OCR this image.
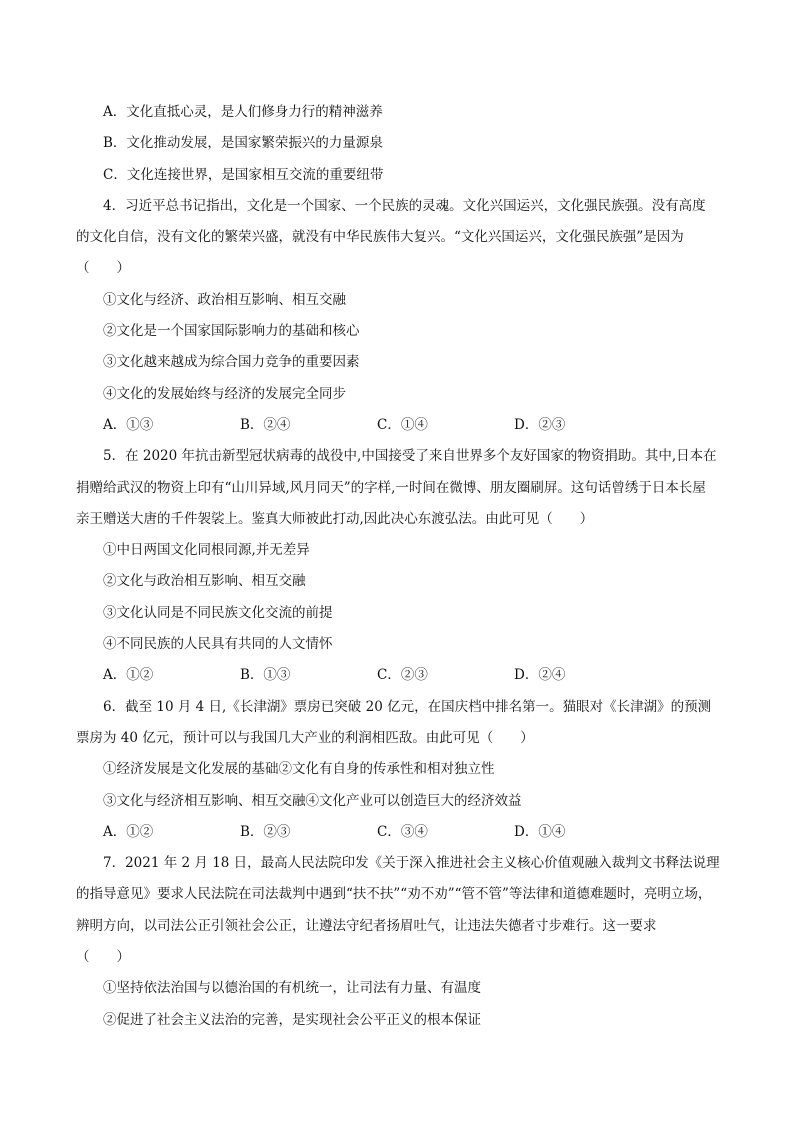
A．文化直抵心灵，是人们修身力行的精神滋养
B．文化推动发展，是国家繁荣振兴的力量源泉
C．文化连接世界，是国家相互交流的重要纽带
4．习近平总书记指出，文化是一个国家、一个民族的灵魂。文化兴国运兴，文化强民族强。没有高度
的文化自信，没有文化的繁荣兴盛，就没有中华民族伟大复兴。“文化兴国运兴，文化强民族强”是因为
（　　）
①文化与经济、政治相互影响、相互交融
②文化是一个国家国际影响力的基础和核心
③文化越来越成为综合国力竞争的重要因素
④文化的发展始终与经济的发展完全同步
A．①③	B．②④	C．①④	D．②③
5．在 2020 年抗击新型冠状病毒的战役中,中国接受了来自世界多个友好国家的物资捐助。其中,日本在
捐赠给武汉的物资上印有“山川异域,风月同天”的字样,一时间在微博、朋友圈刷屏。这句话曾绣于日本长屋
亲王赠送大唐的千件袈裟上。鉴真大师被此打动,因此决心东渡弘法。由此可见（　　）
①中日两国文化同根同源,并无差异
②文化与政治相互影响、相互交融
③文化认同是不同民族文化交流的前提
④不同民族的人民具有共同的人文情怀
A．①②	B．①③	C．②③	D．②④
6．截至 10 月 4 日,《长津湖》票房已突破 20 亿元，在国庆档中排名第一。猫眼对《长津湖》的预测
票房为 40 亿元，预计可以与我国几大产业的利润相匹敌。由此可见（　　）
①经济发展是文化发展的基础②文化有自身的传承性和相对独立性
③文化与经济相互影响、相互交融④文化产业可以创造巨大的经济效益
A．①②	B．②③	C．③④	D．①④
7．2021 年 2 月 18 日，最高人民法院印发《关于深入推进社会主义核心价值观融入裁判文书释法说理
的指导意见》要求人民法院在司法裁判中遇到“扶不扶”“劝不劝”“管不管”等法律和道德难题时，亮明立场，
辨明方向，以司法公正引领社会公正，让遵法守纪者扬眉吐气，让违法失德者寸步难行。这一要求
（　　）
①坚持依法治国与以德治国的有机统一，让司法有力量、有温度
②促进了社会主义法治的完善，是实现社会公平正义的根本保证
